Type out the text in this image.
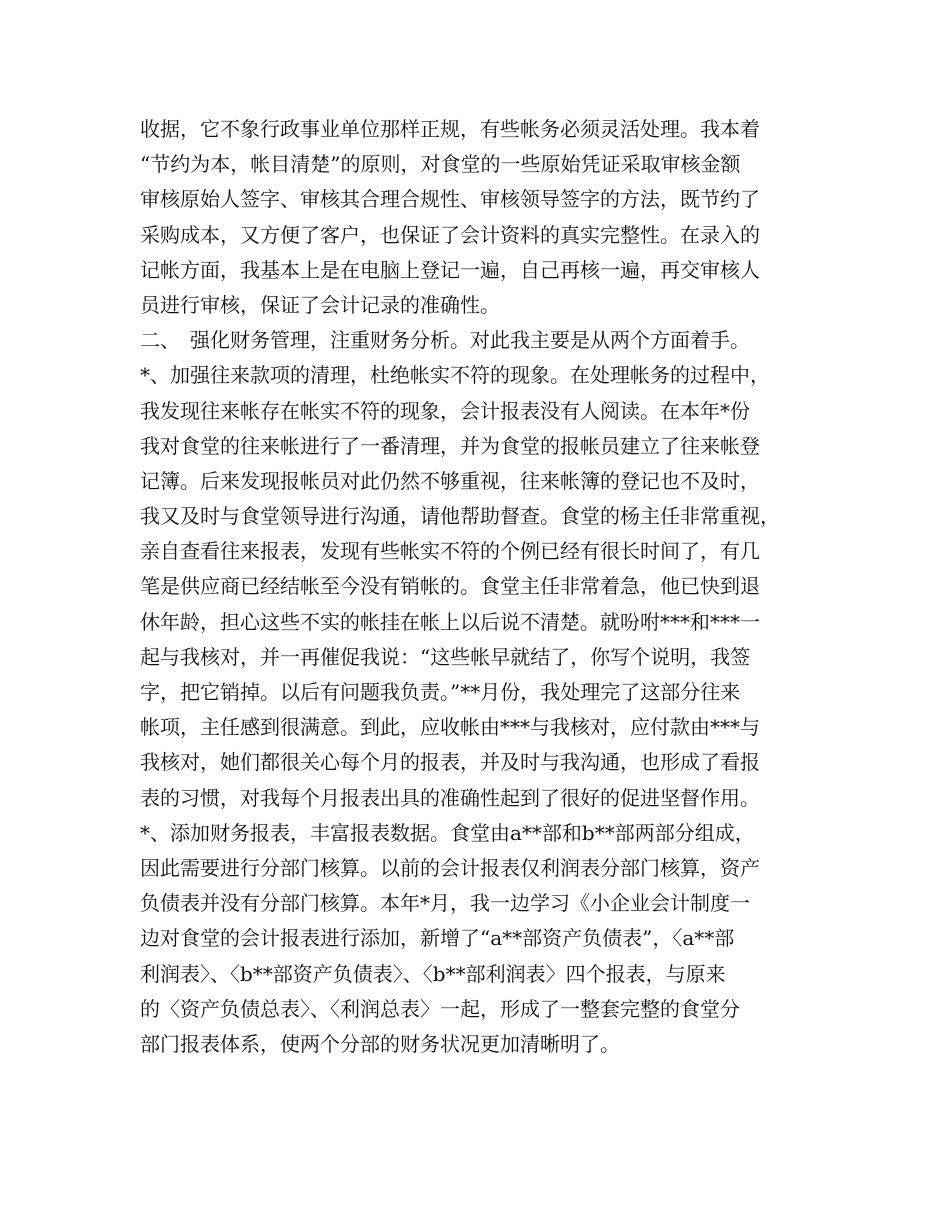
收据，它不象行政事业单位那样正规，有些帐务必须灵活处理。我本着
“节约为本，帐目清楚”的原则，对食堂的一些原始凭证采取审核金额
审核原始人签字、审核其合理合规性、审核领导签字的方法，既节约了
采购成本，又方便了客户，也保证了会计资料的真实完整性。在录入的
记帐方面，我基本上是在电脑上登记一遍，自己再核一遍，再交审核人
员进行审核，保证了会计记录的准确性。
二、　强化财务管理，注重财务分析。对此我主要是从两个方面着手。
*、加强往来款项的清理，杜绝帐实不符的现象。在处理帐务的过程中，
我发现往来帐存在帐实不符的现象，会计报表没有人阅读。在本年*份
我对食堂的往来帐进行了一番清理，并为食堂的报帐员建立了往来帐登
记簿。后来发现报帐员对此仍然不够重视，往来帐簿的登记也不及时，
我又及时与食堂领导进行沟通，请他帮助督查。食堂的杨主任非常重视，
亲自查看往来报表，发现有些帐实不符的个例已经有很长时间了，有几
笔是供应商已经结帐至今没有销帐的。食堂主任非常着急，他已快到退
休年龄，担心这些不实的帐挂在帐上以后说不清楚。就吩咐***和***一
起与我核对，并一再催促我说：“这些帐早就结了，你写个说明，我签
字，把它销掉。以后有问题我负责。”**月份，我处理完了这部分往来
帐项，主任感到很满意。到此，应收帐由***与我核对，应付款由***与
我核对，她们都很关心每个月的报表，并及时与我沟通，也形成了看报
表的习惯，对我每个月报表出具的准确性起到了很好的促进坚督作用。
*、添加财务报表，丰富报表数据。食堂由a**部和b**部两部分组成，
因此需要进行分部门核算。以前的会计报表仅利润表分部门核算，资产
负债表并没有分部门核算。本年*月，我一边学习《小企业会计制度一
边对食堂的会计报表进行添加，新增了“a**部资产负债表”，〈a**部
利润表〉、〈b**部资产负债表〉、〈b**部利润表〉四个报表，与原来
的〈资产负债总表〉、〈利润总表〉一起，形成了一整套完整的食堂分
部门报表体系，使两个分部的财务状况更加清晰明了。
